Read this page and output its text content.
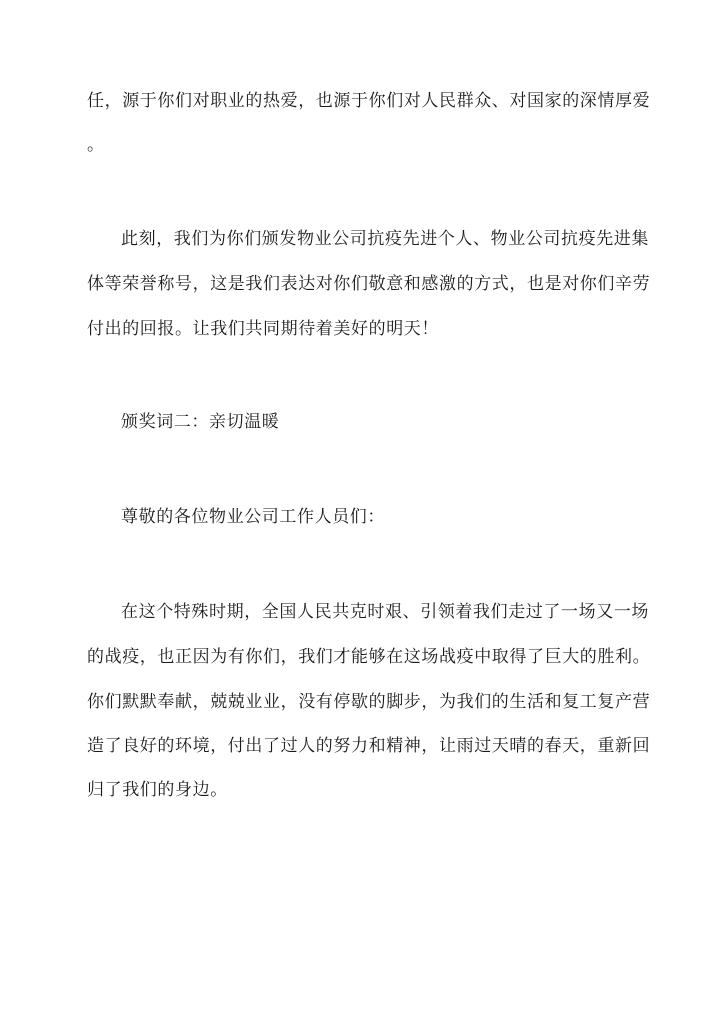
任，源于你们对职业的热爱，也源于你们对人民群众、对国家的深情厚爱
。
此刻，我们为你们颁发物业公司抗疫先进个人、物业公司抗疫先进集
体等荣誉称号，这是我们表达对你们敬意和感激的方式，也是对你们辛劳
付出的回报。让我们共同期待着美好的明天！
颁奖词二：亲切温暖
尊敬的各位物业公司工作人员们：
在这个特殊时期，全国人民共克时艰、引领着我们走过了一场又一场
的战疫，也正因为有你们，我们才能够在这场战疫中取得了巨大的胜利。
你们默默奉献，兢兢业业，没有停歇的脚步，为我们的生活和复工复产营
造了良好的环境，付出了过人的努力和精神，让雨过天晴的春天，重新回
归了我们的身边。
